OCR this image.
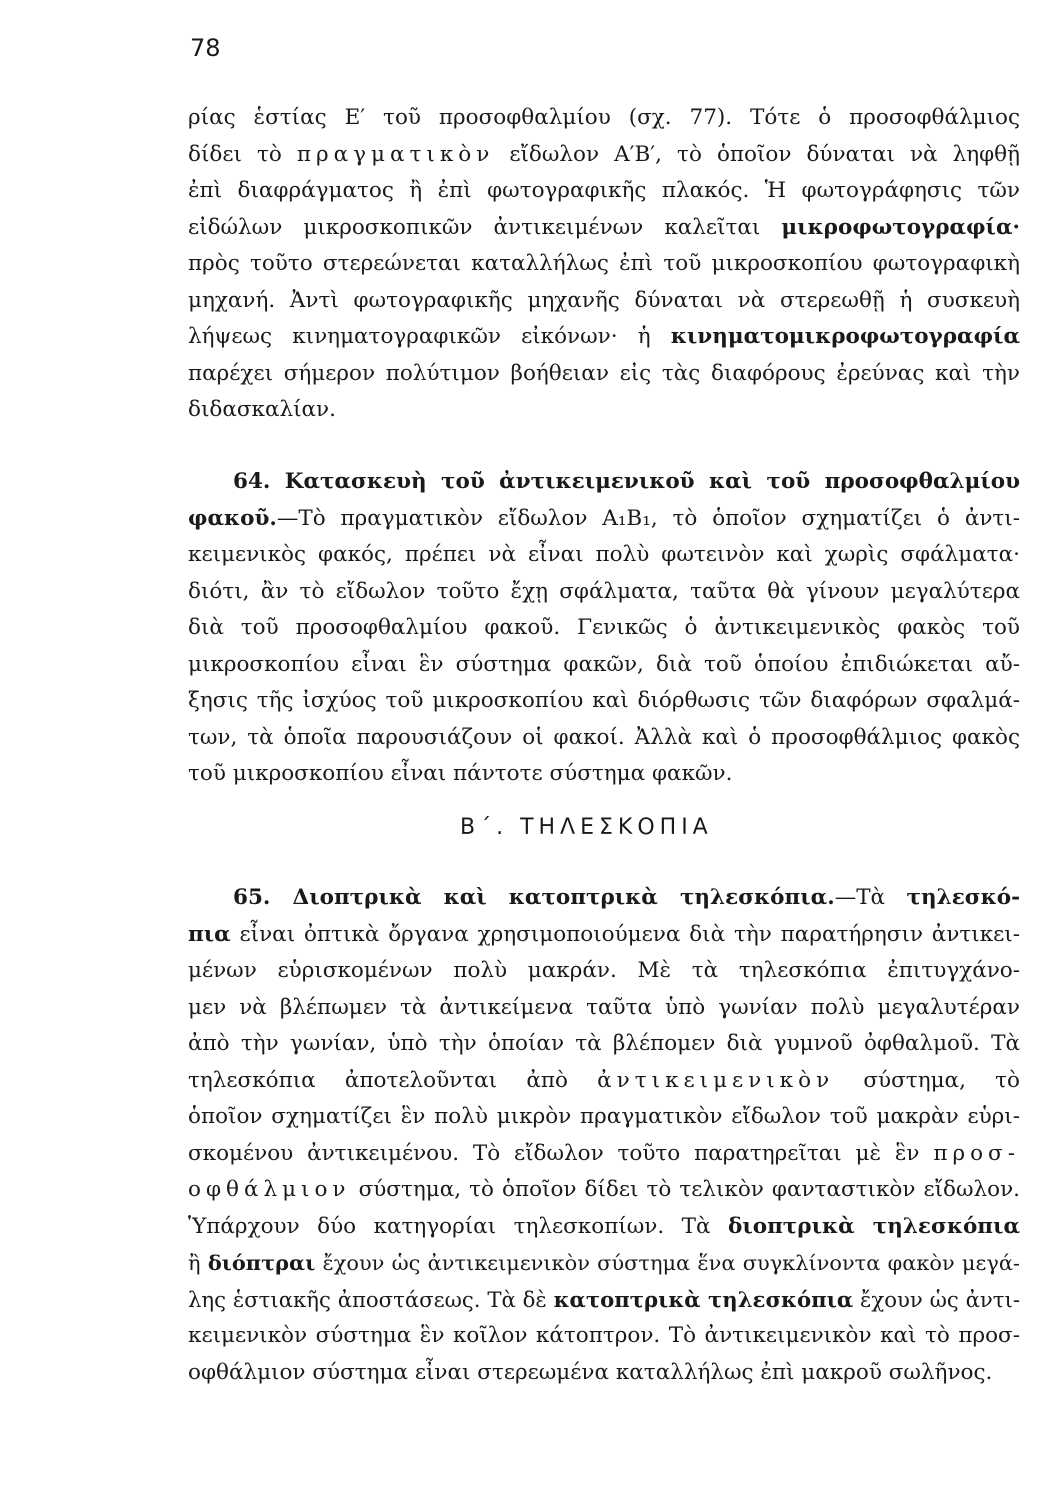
78
ρίας ἑστίας E′ τοῦ προσοφθαλμίου (σχ. 77). Τότε ὁ προσοφθάλμιος
δίδει τὸ πραγματικὸν εἴδωλον A′B′, τὸ ὁποῖον δύναται νὰ ληφθῇ
ἐπὶ διαφράγματος ἢ ἐπὶ φωτογραφικῆς πλακός. Ἡ φωτογράφησις τῶν
εἰδώλων μικροσκοπικῶν ἀντικειμένων καλεῖται μικροφωτογραφία·
πρὸς τοῦτο στερεώνεται καταλλήλως ἐπὶ τοῦ μικροσκοπίου φωτογραφικὴ
μηχανή. Ἀντὶ φωτογραφικῆς μηχανῆς δύναται νὰ στερεωθῇ ἡ συσκευὴ
λήψεως κινηματογραφικῶν εἰκόνων· ἡ κινηματομικροφωτογραφία
παρέχει σήμερον πολύτιμον βοήθειαν εἰς τὰς διαφόρους ἐρεύνας καὶ τὴν
διδασκαλίαν.
64. Κατασκευὴ τοῦ ἀντικειμενικοῦ καὶ τοῦ προσοφθαλμίου
φακοῦ.—Τὸ πραγματικὸν εἴδωλον A₁B₁, τὸ ὁποῖον σχηματίζει ὁ ἀντι-
κειμενικὸς φακός, πρέπει νὰ εἶναι πολὺ φωτεινὸν καὶ χωρὶς σφάλματα·
διότι, ἂν τὸ εἴδωλον τοῦτο ἔχῃ σφάλματα, ταῦτα θὰ γίνουν μεγαλύτερα
διὰ τοῦ προσοφθαλμίου φακοῦ. Γενικῶς ὁ ἀντικειμενικὸς φακὸς τοῦ
μικροσκοπίου εἶναι ἓν σύστημα φακῶν, διὰ τοῦ ὁποίου ἐπιδιώκεται αὔ-
ξησις τῆς ἰσχύος τοῦ μικροσκοπίου καὶ διόρθωσις τῶν διαφόρων σφαλμά-
των, τὰ ὁποῖα παρουσιάζουν οἱ φακοί. Ἀλλὰ καὶ ὁ προσοφθάλμιος φακὸς
τοῦ μικροσκοπίου εἶναι πάντοτε σύστημα φακῶν.
Β΄. ΤΗΛΕΣΚΟΠΙΑ
65. Διοπτρικὰ καὶ κατοπτρικὰ τηλεσκόπια.—Τὰ τηλεσκό-
πια εἶναι ὀπτικὰ ὄργανα χρησιμοποιούμενα διὰ τὴν παρατήρησιν ἀντικει-
μένων εὑρισκομένων πολὺ μακράν. Μὲ τὰ τηλεσκόπια ἐπιτυγχάνο-
μεν νὰ βλέπωμεν τὰ ἀντικείμενα ταῦτα ὑπὸ γωνίαν πολὺ μεγαλυτέραν
ἀπὸ τὴν γωνίαν, ὑπὸ τὴν ὁποίαν τὰ βλέπομεν διὰ γυμνοῦ ὀφθαλμοῦ. Τὰ
τηλεσκόπια ἀποτελοῦνται ἀπὸ ἀντικειμενικὸν σύστημα, τὸ
ὁποῖον σχηματίζει ἓν πολὺ μικρὸν πραγματικὸν εἴδωλον τοῦ μακρὰν εὑρι-
σκομένου ἀντικειμένου. Τὸ εἴδωλον τοῦτο παρατηρεῖται μὲ ἓν προσ-
οφθάλμιον σύστημα, τὸ ὁποῖον δίδει τὸ τελικὸν φανταστικὸν εἴδωλον.
Ὑπάρχουν δύο κατηγορίαι τηλεσκοπίων. Τὰ διοπτρικὰ τηλεσκόπια
ἢ διόπτραι ἔχουν ὡς ἀντικειμενικὸν σύστημα ἕνα συγκλίνοντα φακὸν μεγά-
λης ἑστιακῆς ἀποστάσεως. Τὰ δὲ κατοπτρικὰ τηλεσκόπια ἔχουν ὡς ἀντι-
κειμενικὸν σύστημα ἓν κοῖλον κάτοπτρον. Τὸ ἀντικειμενικὸν καὶ τὸ προσ-
οφθάλμιον σύστημα εἶναι στερεωμένα καταλλήλως ἐπὶ μακροῦ σωλῆνος.
